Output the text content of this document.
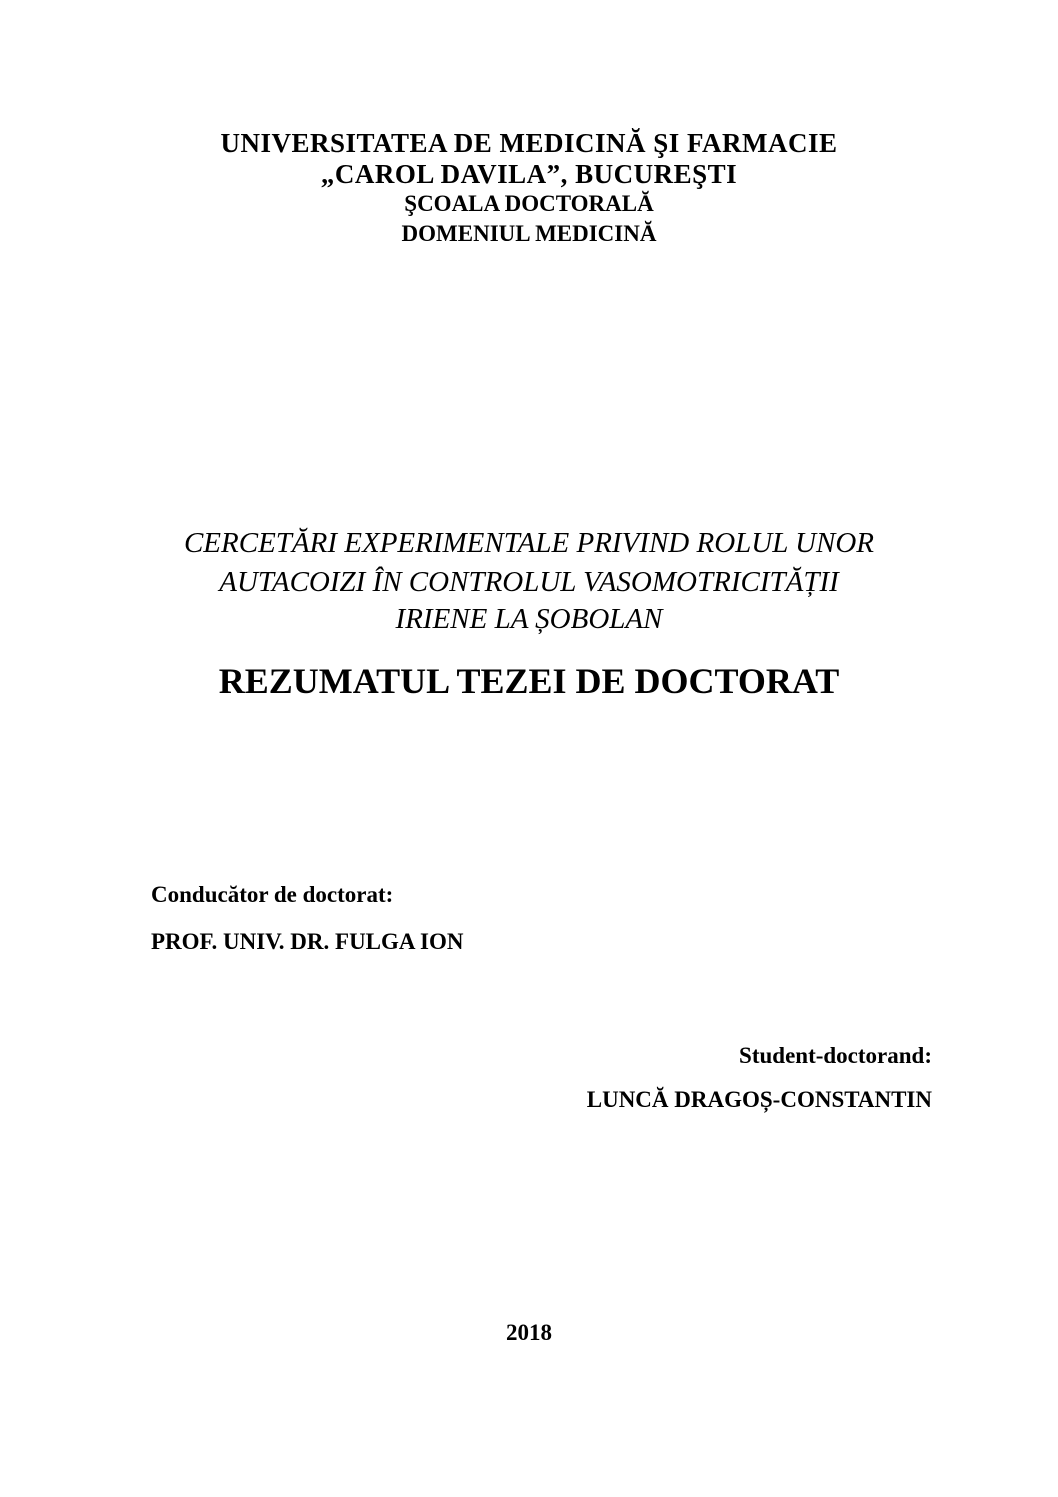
UNIVERSITATEA DE MEDICINĂ ŞI FARMACIE
„CAROL DAVILA”, BUCUREŞTI
ŞCOALA DOCTORALĂ
DOMENIUL MEDICINĂ
CERCETĂRI EXPERIMENTALE PRIVIND ROLUL UNOR
AUTACOIZI ÎN CONTROLUL VASOMOTRICITĂȚII
IRIENE LA ȘOBOLAN
REZUMATUL TEZEI DE DOCTORAT
Conducător de doctorat:
PROF. UNIV. DR. FULGA ION
Student-doctorand:
LUNCĂ DRAGOȘ-CONSTANTIN
2018
